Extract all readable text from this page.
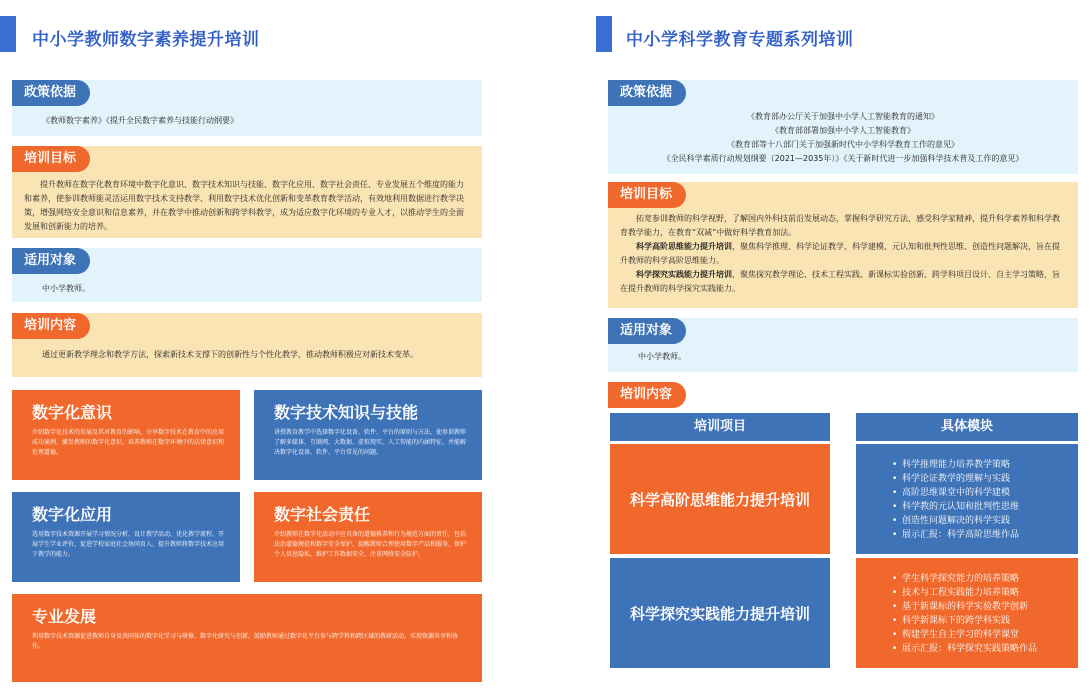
中小学教师数字素养提升培训
政策依据
《教师数字素养》《提升全民数字素养与技能行动纲要》
培训目标
提升教师在数字化教育环境中数字化意识、数字技术知识与技能、数字化应用、数字社会责任、专业发展五个维度的能力和素养，使参训教师能灵活运用数字技术支持教学、利用数字技术优化创新和变革教育教学活动，有效地利用数据进行教学决策，增强网络安全意识和信息素养，并在教学中推动创新和跨学科教学，成为适应数字化环境的专业人才，以推动学生的全面发展和创新能力的培养。
适用对象
中小学教师。
培训内容
通过更新教学理念和教学方法，探索新技术支撑下的创新性与个性化教学，推动教师积极应对新技术变革。
数字化意识
介绍数字化技术的发展及其对教育的影响，分享数字技术在教育中的应用成功案例，激发教师的数字化意识，培养教师在数字环境中的法律意识和伦理道德。
数字技术知识与技能
讲授教育教学中选择数字化设备、软件、平台的原则与方法，使参训教师了解多媒体、互联网、大数据、虚拟现实、人工智能的内涵特征，并能解决数字化设备、软件、平台常见的问题。
数字化应用
选用数字技术资源开展学习情况分析、设计教学活动、优化教学流程、开展学生学业评价，促进学校家庭社会协同育人，提升教师将数字技术应用于教学的能力。
数字社会责任
介绍教师在数字化活动中应具备的道德修养和行为规范方面的责任，包括法治道德规范和数字安全保护，提醒教师合理使用数字产品和服务，保护个人信息隐私，维护工作数据安全，注重网络安全防护。
专业发展
利用数字技术资源促进教师自身及共同体的数字化学习与研修、数字化研究与创新，鼓励教师通过数字化平台参与跨学科和跨区域的教研活动，实现资源共享和协作。
中小学科学教育专题系列培训
政策依据

《教育部办公厅关于加强中小学人工智能教育的通知》

《教育部部署加强中小学人工智能教育》

《教育部等十八部门关于加强新时代中小学科学教育工作的意见》

《全民科学素质行动规划纲要（2021—2035年）》《关于新时代进一步加强科学技术普及工作的意见》

培训目标

拓宽参训教师的科学视野，了解国内外科技前沿发展动态，掌握科学研究方法，感受科学家精神，提升科学素养和科学教育教学能力，在教育“双减”中做好科学教育加法。

科学高阶思维能力提升培训，聚焦科学推理、科学论证教学、科学建模、元认知和批判性思维、创造性问题解决，旨在提升教师的科学高阶思维能力。

科学探究实践能力提升培训，聚焦探究教学理论、技术工程实践、新课标实验创新、跨学科项目设计、自主学习策略，旨在提升教师的科学探究实践能力。

适用对象
中小学教师。
培训内容
培训项目	具体模块
科学高阶思维能力提升培训
• 科学推理能力培养教学策略
• 科学论证教学的理解与实践
• 高阶思维课堂中的科学建模
• 科学教的元认知和批判性思维
• 创造性问题解决的科学实践
• 展示汇报：科学高阶思维作品
科学探究实践能力提升培训
• 学生科学探究能力的培养策略
• 技术与工程实践能力培养策略
• 基于新课标的科学实验教学创新
• 科学新课标下的跨学科实践
• 构建学生自主学习的科学课堂
• 展示汇报：科学探究实践策略作品
